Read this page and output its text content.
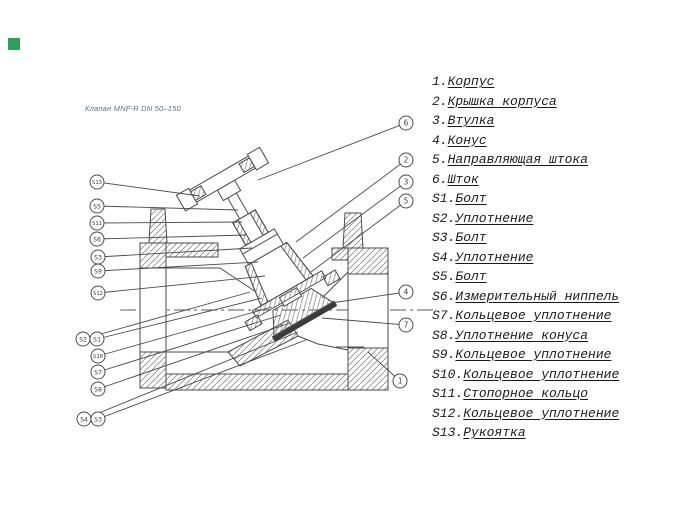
Клапан MNF-R DN 50–150
S13
S5
S11
S6
S3
S9
S12
S2 S1
S10
S7
S8
S4 S3
6
2
3
5
4
7
1
1.Корпус
2.Крышка корпуса
3.Втулка
4.Конус
5.Направляющая штока
6.Шток
S1.Болт
S2.Уплотнение
S3.Болт
S4.Уплотнение
S5.Болт
S6.Измерительный ниппель
S7.Кольцевое уплотнение
S8.Уплотнение конуса
S9.Кольцевое уплотнение
S10.Кольцевое уплотнение
S11.Стопорное кольцо
S12.Кольцевое уплотнение
S13.Рукоятка
